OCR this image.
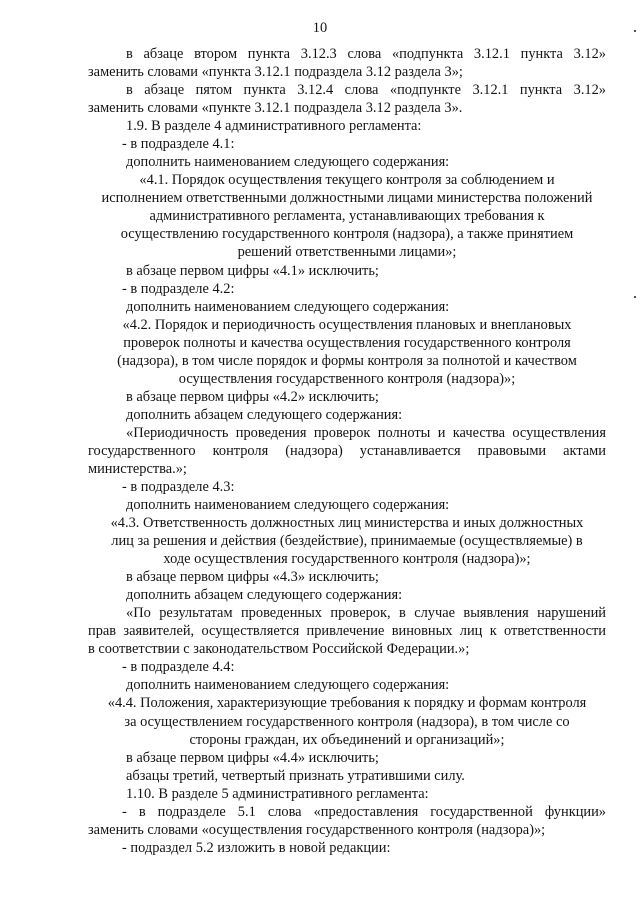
10
в абзаце втором пункта 3.12.3 слова «подпункта 3.12.1 пункта 3.12»
заменить словами «пункта 3.12.1 подраздела 3.12 раздела 3»;
в абзаце пятом пункта 3.12.4 слова «подпункте 3.12.1 пункта 3.12»
заменить словами «пункте 3.12.1 подраздела 3.12 раздела 3».
1.9. В разделе 4 административного регламента:
- в подразделе 4.1:
дополнить наименованием следующего содержания:
«4.1. Порядок осуществления текущего контроля за соблюдением и
исполнением ответственными должностными лицами министерства положений
административного регламента, устанавливающих требования к
осуществлению государственного контроля (надзора), а также принятием
решений ответственными лицами»;
в абзаце первом цифры «4.1» исключить;
- в подразделе 4.2:
дополнить наименованием следующего содержания:
«4.2. Порядок и периодичность осуществления плановых и внеплановых
проверок полноты и качества осуществления государственного контроля
(надзора), в том числе порядок и формы контроля за полнотой и качеством
осуществления государственного контроля (надзора)»;
в абзаце первом цифры «4.2» исключить;
дополнить абзацем следующего содержания:
«Периодичность проведения проверок полноты и качества осуществления
государственного контроля (надзора) устанавливается правовыми актами
министерства.»;
- в подразделе 4.3:
дополнить наименованием следующего содержания:
«4.3. Ответственность должностных лиц министерства и иных должностных
лиц за решения и действия (бездействие), принимаемые (осуществляемые) в
ходе осуществления государственного контроля (надзора)»;
в абзаце первом цифры «4.3» исключить;
дополнить абзацем следующего содержания:
«По результатам проведенных проверок, в случае выявления нарушений
прав заявителей, осуществляется привлечение виновных лиц к ответственности
в соответствии с законодательством Российской Федерации.»;
- в подразделе 4.4:
дополнить наименованием следующего содержания:
«4.4. Положения, характеризующие требования к порядку и формам контроля
за осуществлением государственного контроля (надзора), в том числе со
стороны граждан, их объединений и организаций»;
в абзаце первом цифры «4.4» исключить;
абзацы третий, четвертый признать утратившими силу.
1.10. В разделе 5 административного регламента:
- в подразделе 5.1 слова «предоставления государственной функции»
заменить словами «осуществления государственного контроля (надзора)»;
- подраздел 5.2 изложить в новой редакции:
